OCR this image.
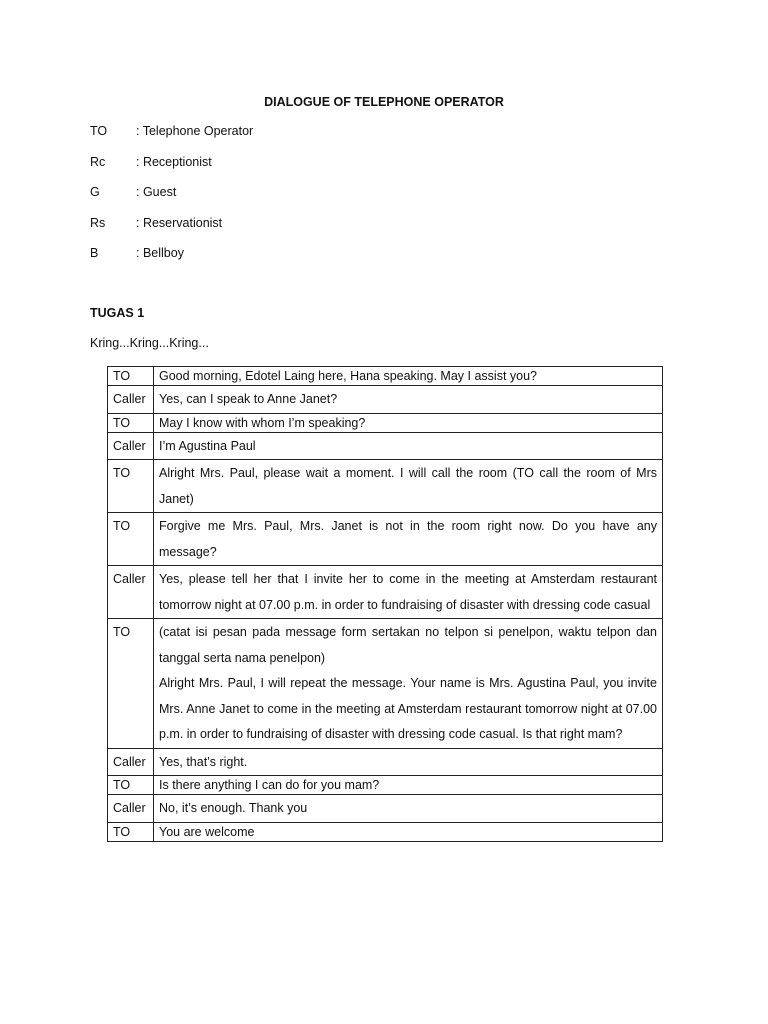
DIALOGUE OF TELEPHONE OPERATOR
TO	: Telephone Operator
Rc	: Receptionist
G	: Guest
Rs	: Reservationist
B	: Bellboy
TUGAS 1
Kring...Kring...Kring...
TO	Good morning, Edotel Laing here, Hana speaking. May I assist you?
Caller	Yes, can I speak to Anne Janet?
TO	May I know with whom I’m speaking?
Caller	I’m Agustina Paul
TO	Alright Mrs. Paul, please wait a moment. I will call the room (TO call the room of Mrs Janet)
TO	Forgive me Mrs. Paul, Mrs. Janet is not in the room right now. Do you have any message?
Caller	Yes, please tell her that I invite her to come in the meeting at Amsterdam restaurant tomorrow night at 07.00 p.m. in order to fundraising of disaster with dressing code casual
TO	(catat isi pesan pada message form sertakan no telpon si penelpon, waktu telpon dan tanggal serta nama penelpon)
Alright Mrs. Paul, I will repeat the message. Your name is Mrs. Agustina Paul, you invite Mrs. Anne Janet to come in the meeting at Amsterdam restaurant tomorrow night at 07.00 p.m. in order to fundraising of disaster with dressing code casual. Is that right mam?

Caller	Yes, that’s right.
TO	Is there anything I can do for you mam?
Caller	No, it’s enough. Thank you
TO	You are welcome
